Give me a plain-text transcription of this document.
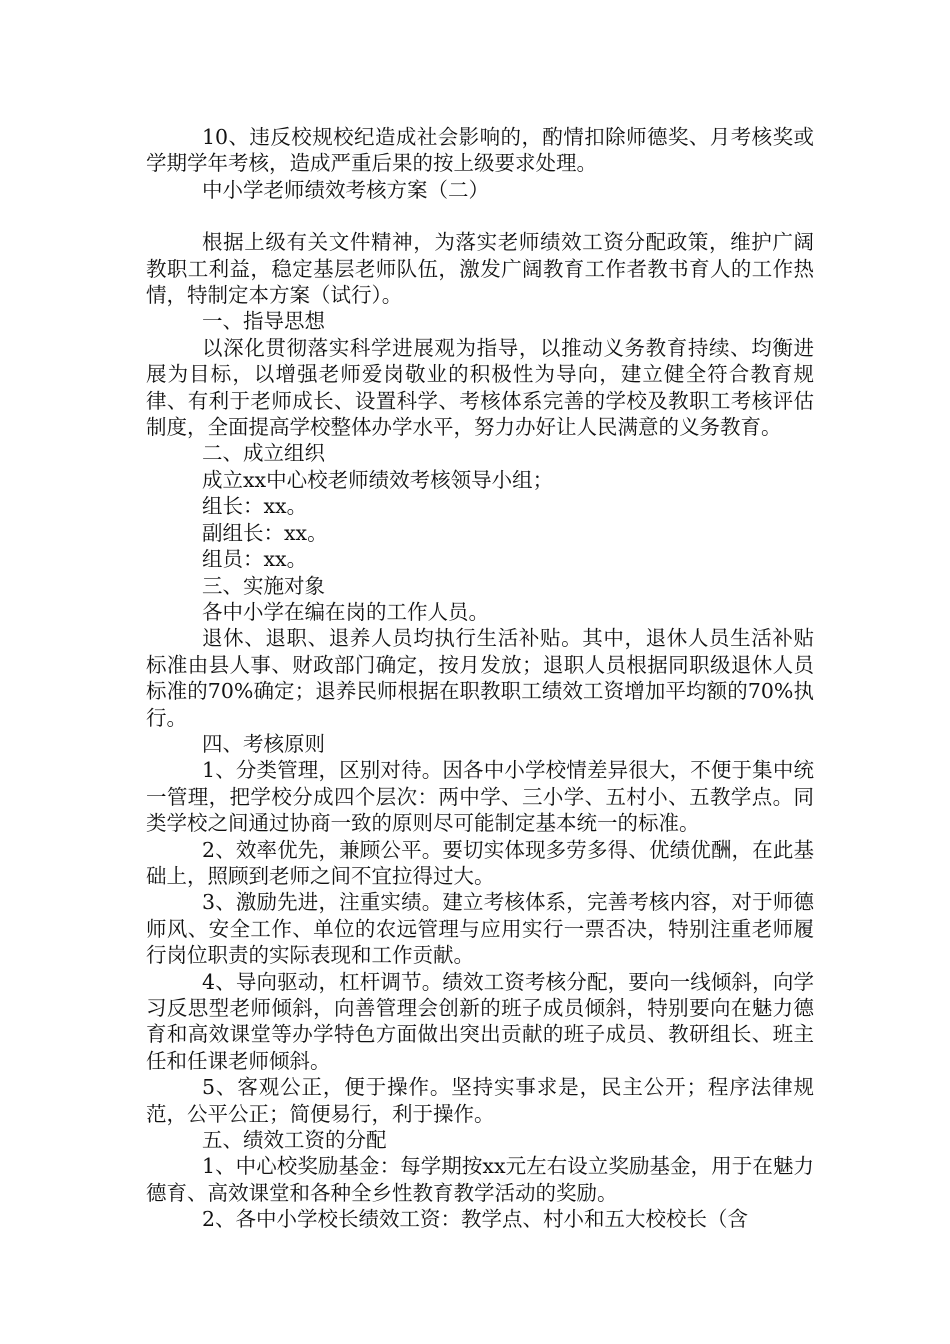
10、违反校规校纪造成社会影响的，酌情扣除师德奖、月考核奖或学期学年考核，造成严重后果的按上级要求处理。

中小学老师绩效考核方案（二）

根据上级有关文件精神，为落实老师绩效工资分配政策，维护广阔教职工利益，稳定基层老师队伍，激发广阔教育工作者教书育人的工作热情，特制定本方案（试行）。

一、指导思想

以深化贯彻落实科学进展观为指导，以推动义务教育持续、均衡进展为目标，以增强老师爱岗敬业的积极性为导向，建立健全符合教育规律、有利于老师成长、设置科学、考核体系完善的学校及教职工考核评估制度，全面提高学校整体办学水平，努力办好让人民满意的义务教育。

二、成立组织

成立xx中心校老师绩效考核领导小组；

组长：xx。

副组长：xx。

组员：xx。

三、实施对象

各中小学在编在岗的工作人员。

退休、退职、退养人员均执行生活补贴。其中，退休人员生活补贴标准由县人事、财政部门确定，按月发放；退职人员根据同职级退休人员标准的70%确定；退养民师根据在职教职工绩效工资增加平均额的70%执行。

四、考核原则

1、分类管理，区别对待。因各中小学校情差异很大，不便于集中统一管理，把学校分成四个层次：两中学、三小学、五村小、五教学点。同类学校之间通过协商一致的原则尽可能制定基本统一的标准。

2、效率优先，兼顾公平。要切实体现多劳多得、优绩优酬，在此基础上，照顾到老师之间不宜拉得过大。

3、激励先进，注重实绩。建立考核体系，完善考核内容，对于师德师风、安全工作、单位的农远管理与应用实行一票否决，特别注重老师履行岗位职责的实际表现和工作贡献。

4、导向驱动，杠杆调节。绩效工资考核分配，要向一线倾斜，向学习反思型老师倾斜，向善管理会创新的班子成员倾斜，特别要向在魅力德育和高效课堂等办学特色方面做出突出贡献的班子成员、教研组长、班主任和任课老师倾斜。

5、客观公正，便于操作。坚持实事求是，民主公开；程序法律规范，公平公正；简便易行，利于操作。

五、绩效工资的分配

1、中心校奖励基金：每学期按xx元左右设立奖励基金，用于在魅力德育、高效课堂和各种全乡性教育教学活动的奖励。

2、各中小学校长绩效工资：教学点、村小和五大校校长（含
